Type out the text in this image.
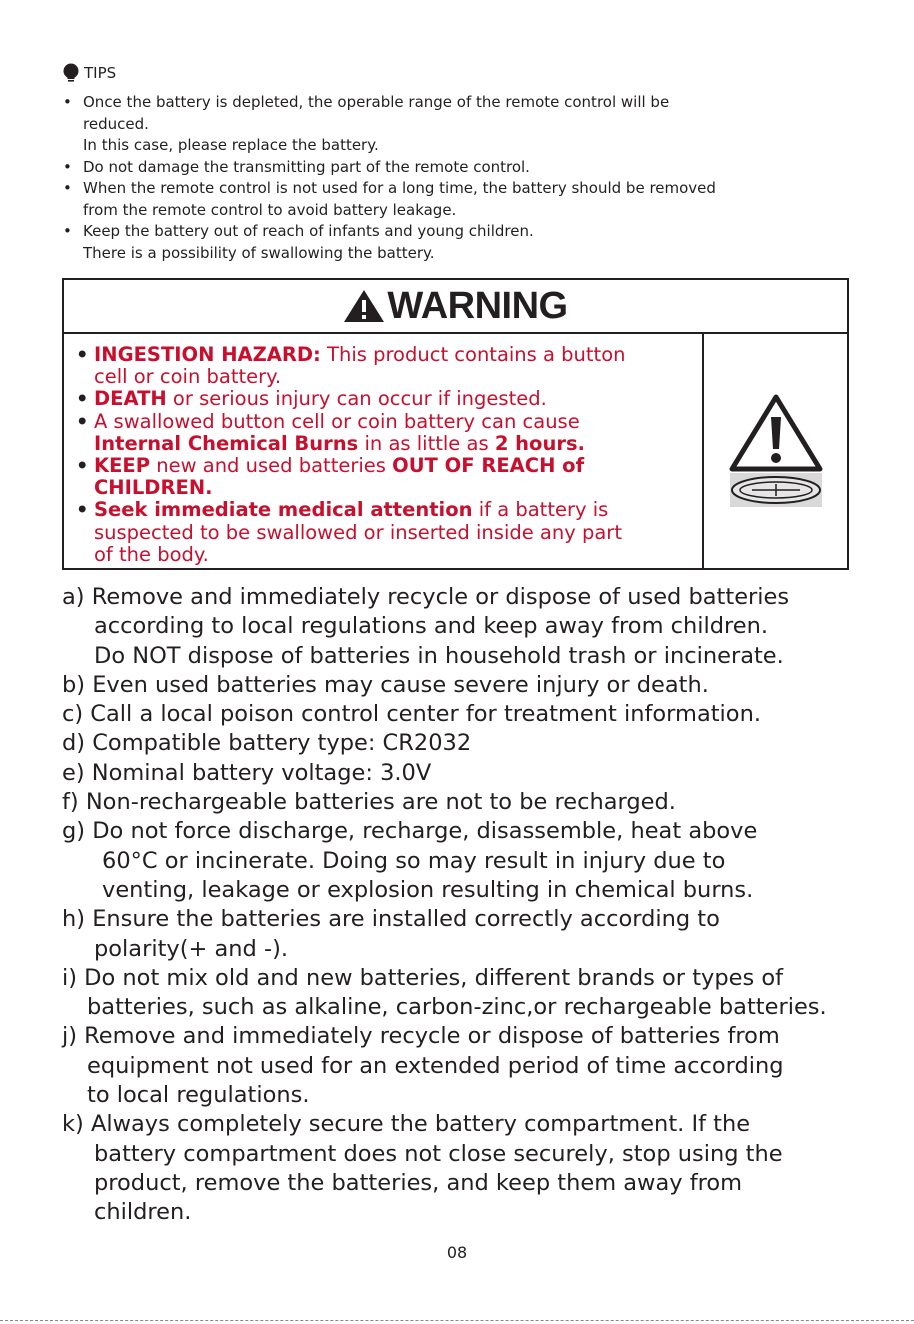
TIPS
• Once the battery is depleted, the operable range of the remote control will be
reduced.
In this case, please replace the battery.
• Do not damage the transmitting part of the remote control.
• When the remote control is not used for a long time, the battery should be removed
from the remote control to avoid battery leakage.
• Keep the battery out of reach of infants and young children.
There is a possibility of swallowing the battery.
WARNING
• INGESTION HAZARD: This product contains a button
cell or coin battery.
• DEATH or serious injury can occur if ingested.
• A swallowed button cell or coin battery can cause
Internal Chemical Burns in as little as 2 hours.
• KEEP new and used batteries OUT OF REACH of
CHILDREN.
• Seek immediate medical attention if a battery is
suspected to be swallowed or inserted inside any part
of the body.
a) Remove and immediately recycle or dispose of used batteries
according to local regulations and keep away from children.
Do NOT dispose of batteries in household trash or incinerate.
b) Even used batteries may cause severe injury or death.
c) Call a local poison control center for treatment information.
d) Compatible battery type: CR2032
e) Nominal battery voltage: 3.0V
f) Non-rechargeable batteries are not to be recharged.
g) Do not force discharge, recharge, disassemble, heat above
60°C or incinerate. Doing so may result in injury due to
venting, leakage or explosion resulting in chemical burns.
h) Ensure the batteries are installed correctly according to
polarity(+ and -).
i) Do not mix old and new batteries, different brands or types of
batteries, such as alkaline, carbon-zinc,or rechargeable batteries.
j) Remove and immediately recycle or dispose of batteries from
equipment not used for an extended period of time according
to local regulations.
k) Always completely secure the battery compartment. If the
battery compartment does not close securely, stop using the
product, remove the batteries, and keep them away from
children.
08
